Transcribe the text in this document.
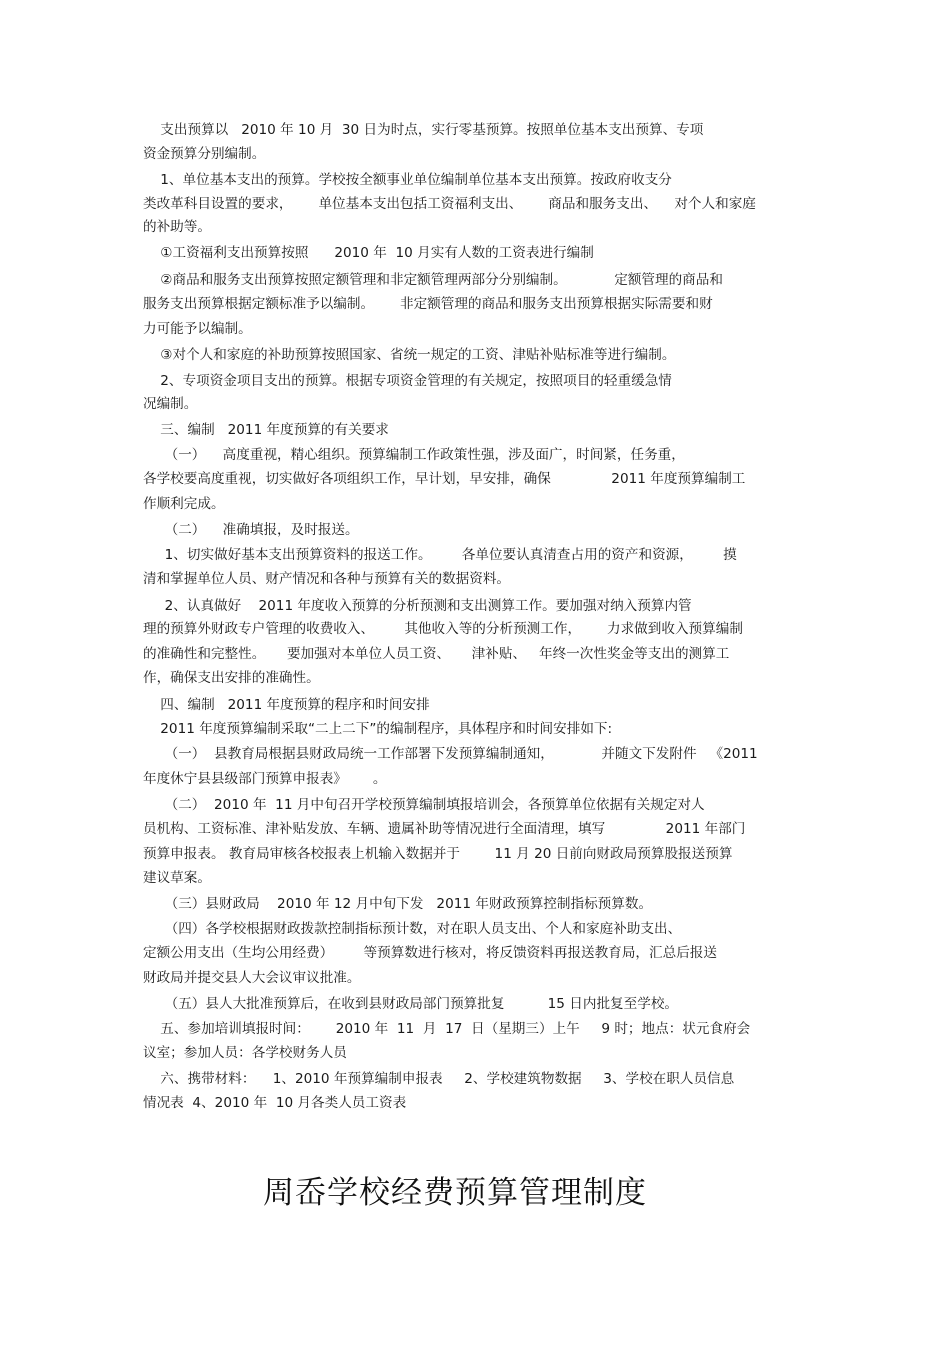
支出预算以   2010 年 10 月  30 日为时点，实行零基预算。按照单位基本支出预算、专项
资金预算分别编制。
1、单位基本支出的预算。学校按全额事业单位编制单位基本支出预算。按政府收支分
类改革科目设置的要求，      单位基本支出包括工资福利支出、      商品和服务支出、    对个人和家庭
的补助等。
①工资福利支出预算按照      2010 年  10 月实有人数的工资表进行编制
②商品和服务支出预算按照定额管理和非定额管理两部分分别编制。           定额管理的商品和
服务支出预算根据定额标准予以编制。      非定额管理的商品和服务支出预算根据实际需要和财
力可能予以编制。
③对个人和家庭的补助预算按照国家、省统一规定的工资、津贴补贴标准等进行编制。
2、专项资金项目支出的预算。根据专项资金管理的有关规定，按照项目的轻重缓急情
况编制。
三、编制   2011 年度预算的有关要求
（一）    高度重视，精心组织。预算编制工作政策性强，涉及面广，时间紧，任务重，
各学校要高度重视，切实做好各项组织工作，早计划，早安排，确保              2011 年度预算编制工
作顺利完成。
（二）    准确填报，及时报送。
1、切实做好基本支出预算资料的报送工作。       各单位要认真清查占用的资产和资源，       摸
清和掌握单位人员、财产情况和各种与预算有关的数据资料。
2、认真做好    2011 年度收入预算的分析预测和支出测算工作。要加强对纳入预算内管
理的预算外财政专户管理的收费收入、       其他收入等的分析预测工作，      力求做到收入预算编制
的准确性和完整性。     要加强对本单位人员工资、     津补贴、   年终一次性奖金等支出的测算工
作，确保支出安排的准确性。
四、编制   2011 年度预算的程序和时间安排
2011 年度预算编制采取“二上二下”的编制程序，具体程序和时间安排如下:
（一）  县教育局根据县财政局统一工作部署下发预算编制通知，           并随文下发附件   《2011
年度休宁县县级部门预算申报表》      。
（二）  2010 年  11 月中旬召开学校预算编制填报培训会，各预算单位依据有关规定对人
员机构、工资标准、津补贴发放、车辆、遗属补助等情况进行全面清理，填写              2011 年部门
预算申报表。 教育局审核各校报表上机输入数据并于        11 月 20 日前向财政局预算股报送预算
建议草案。
（三）县财政局    2010 年 12 月中旬下发   2011 年财政预算控制指标预算数。
（四）各学校根据财政拨款控制指标预计数，对在职人员支出、个人和家庭补助支出、
定额公用支出（生均公用经费）       等预算数进行核对，将反馈资料再报送教育局，汇总后报送
财政局并提交县人大会议审议批准。
（五）县人大批准预算后，在收到县财政局部门预算批复          15 日内批复至学校。
五、参加培训填报时间：      2010 年  11  月  17  日（星期三）上午     9 时；地点：状元食府会
议室；参加人员：各学校财务人员
六、携带材料：    1、2010 年预算编制申报表     2、学校建筑物数据     3、学校在职人员信息
情况表  4、2010 年  10 月各类人员工资表
周岙学校经费预算管理制度
